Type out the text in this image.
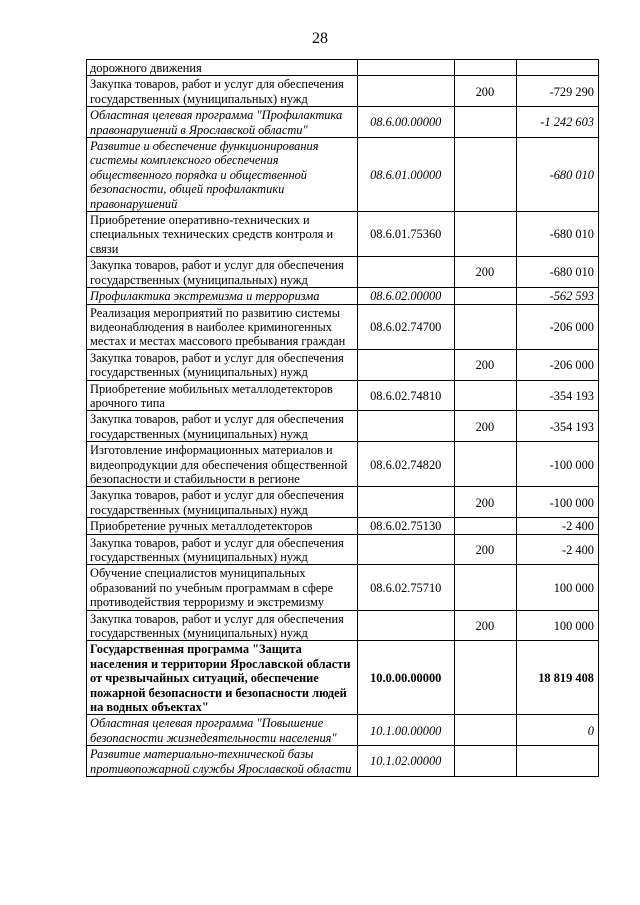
28
дорожного движения			
Закупка товаров, работ и услуг для обеспечения государственных (муниципальных) нужд		200	-729 290
Областная целевая программа "Профилактика правонарушений в Ярославской области"	08.6.00.00000		-1 242 603
Развитие и обеспечение функционирования системы комплексного обеспечения общественного порядка и общественной безопасности, общей профилактики правонарушений	08.6.01.00000		-680 010
Приобретение оперативно-технических и специальных технических средств контроля и связи	08.6.01.75360		-680 010
Закупка товаров, работ и услуг для обеспечения государственных (муниципальных) нужд		200	-680 010
Профилактика экстремизма и терроризма	08.6.02.00000		-562 593
Реализация мероприятий по развитию системы видеонаблюдения в наиболее криминогенных местах и местах массового пребывания граждан	08.6.02.74700		-206 000
Закупка товаров, работ и услуг для обеспечения государственных (муниципальных) нужд		200	-206 000
Приобретение мобильных металлодетекторов арочного типа	08.6.02.74810		-354 193
Закупка товаров, работ и услуг для обеспечения государственных (муниципальных) нужд		200	-354 193
Изготовление информационных материалов и видеопродукции для обеспечения общественной безопасности и стабильности в регионе	08.6.02.74820		-100 000
Закупка товаров, работ и услуг для обеспечения государственных (муниципальных) нужд		200	-100 000
Приобретение ручных металлодетекторов	08.6.02.75130		-2 400
Закупка товаров, работ и услуг для обеспечения государственных (муниципальных) нужд		200	-2 400
Обучение специалистов муниципальных образований по учебным программам в сфере противодействия терроризму и экстремизму	08.6.02.75710		100 000
Закупка товаров, работ и услуг для обеспечения государственных (муниципальных) нужд		200	100 000
Государственная программа "Защита населения и территории Ярославской области от чрезвычайных ситуаций, обеспечение пожарной безопасности и безопасности людей на водных объектах"	10.0.00.00000		18 819 408
Областная целевая программа "Повышение безопасности жизнедеятельности населения"	10.1.00.00000		0
Развитие материально-технической базы противопожарной службы Ярославской области	10.1.02.00000		
